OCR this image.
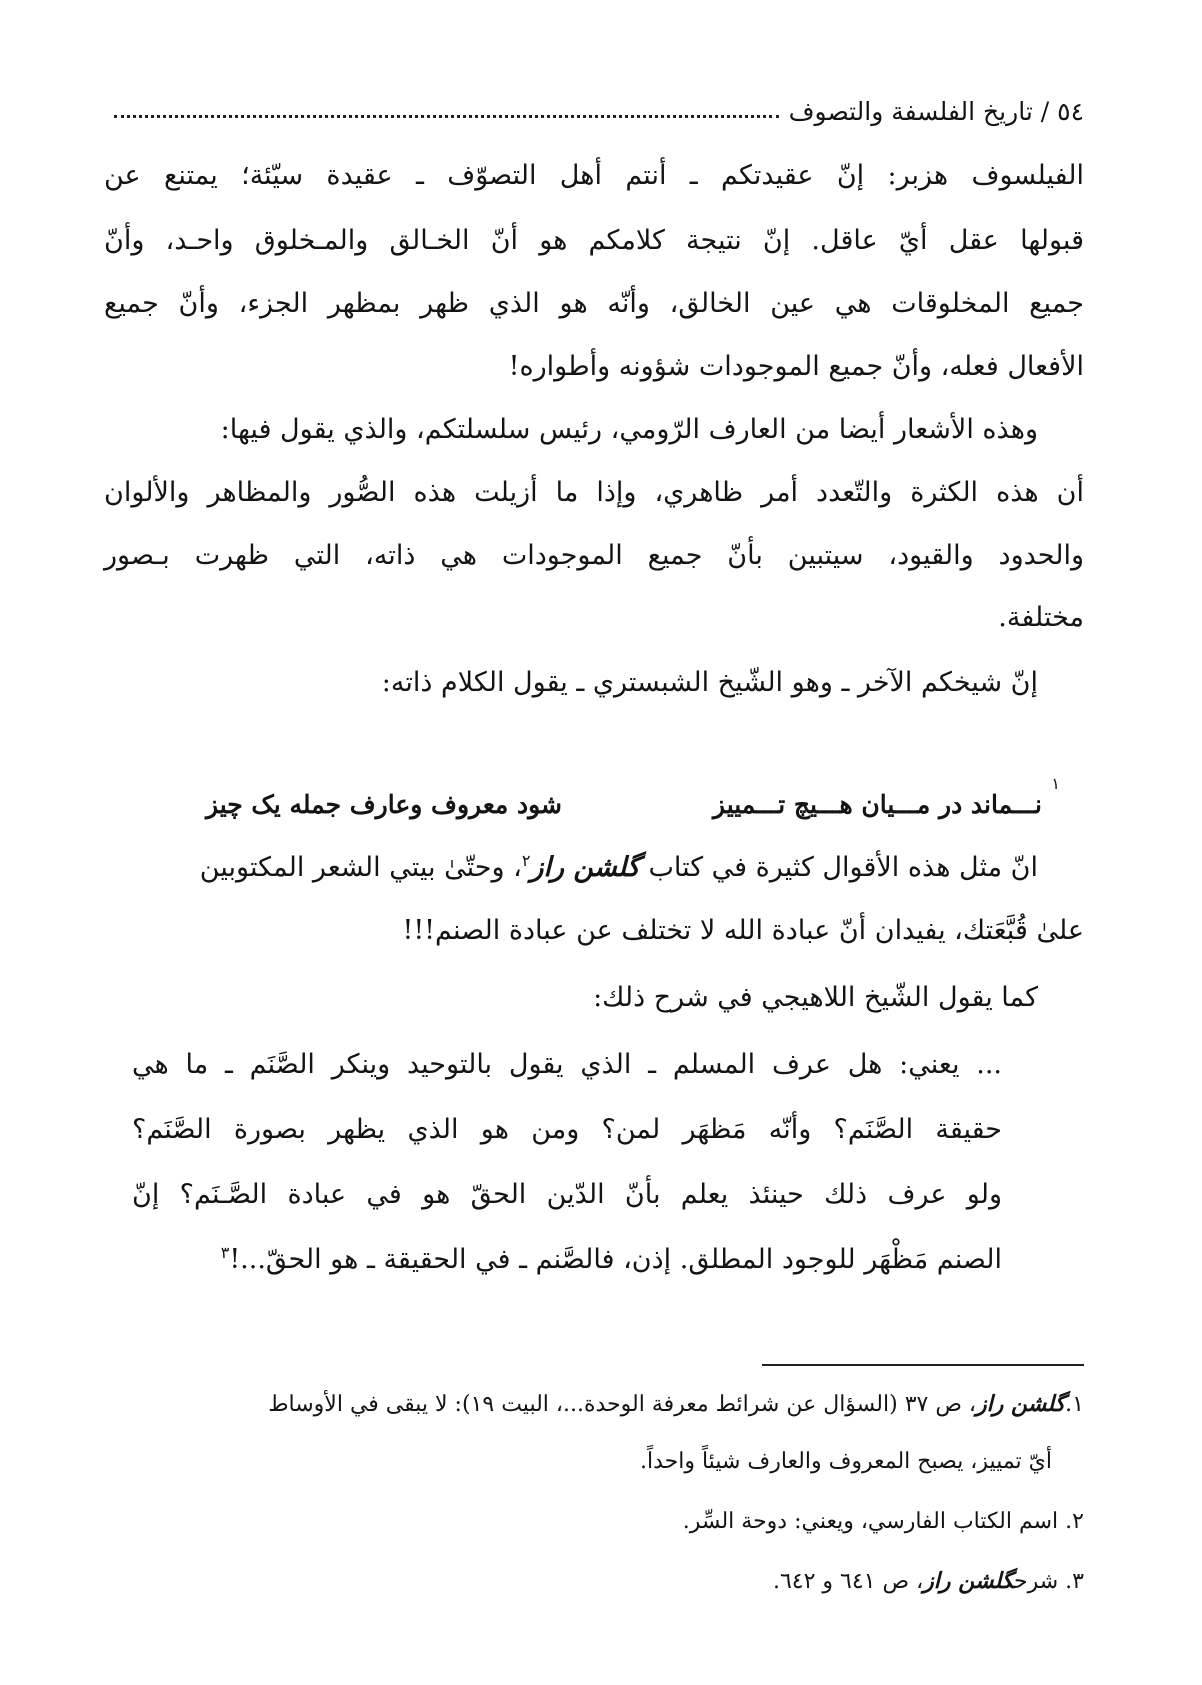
٥٤ / تاريخ الفلسفة والتصوف
الفيلسوف هزبر: إنّ عقيدتكم ـ أنتم أهل التصوّف ـ عقيدة سيّئة؛ يمتنع عن
قبولها عقل أيّ عاقل. إنّ نتيجة كلامكم هو أنّ الخـالق والمـخلوق واحـد، وأنّ
جميع المخلوقات هي عين الخالق، وأنّه هو الذي ظهر بمظهر الجزء، وأنّ جميع
الأفعال فعله، وأنّ جميع الموجودات شؤونه وأطواره!
وهذه الأشعار أيضا من العارف الرّومي، رئيس سلسلتكم، والذي يقول فيها:
أن هذه الكثرة والتّعدد أمر ظاهري، وإذا ما أزيلت هذه الصُّور والمظاهر والألوان
والحدود والقيود، سيتبين بأنّ جميع الموجودات هي ذاته، التي ظهرت بـصور
مختلفة.
إنّ شيخكم الآخر ـ وهو الشّيخ الشبستري ـ يقول الكلام ذاته:
١
نـــماند در مـــيان هـــيچ تـــمييز
شود معروف وعارف جمله يک چيز
انّ مثل هذه الأقوال كثيرة في كتاب گلشن راز$^٢$، وحتّىٰ بيتي الشعر المكتوبين
علىٰ قُبَّعَتك، يفيدان أنّ عبادة الله لا تختلف عن عبادة الصنم!!!
كما يقول الشّيخ اللاهيجي في شرح ذلك:
... يعني: هل عرف المسلم ـ الذي يقول بالتوحيد وينكر الصَّنَم ـ ما هي
حقيقة الصَّنَم؟ وأنّه مَظهَر لمن؟ ومن هو الذي يظهر بصورة الصَّنَم؟
ولو عرف ذلك حينئذ يعلم بأنّ الدّين الحقّ هو في عبادة الصَّـنَم؟ إنّ
الصنم مَظْهَر للوجود المطلق. إذن، فالصَّنم ـ في الحقيقة ـ هو الحقّ...!$^٣$
١.گلشن راز، ص ٣٧ (السؤال عن شرائط معرفة الوحدة...، البيت ١٩): لا يبقى في الأوساط
أيّ تمييز، يصبح المعروف والعارف شيئاً واحداً.
٢. اسم الكتاب الفارسي، ويعني: دوحة السِّر.
٣. شرحگلشن راز، ص ٦٤١ و ٦٤٢.
